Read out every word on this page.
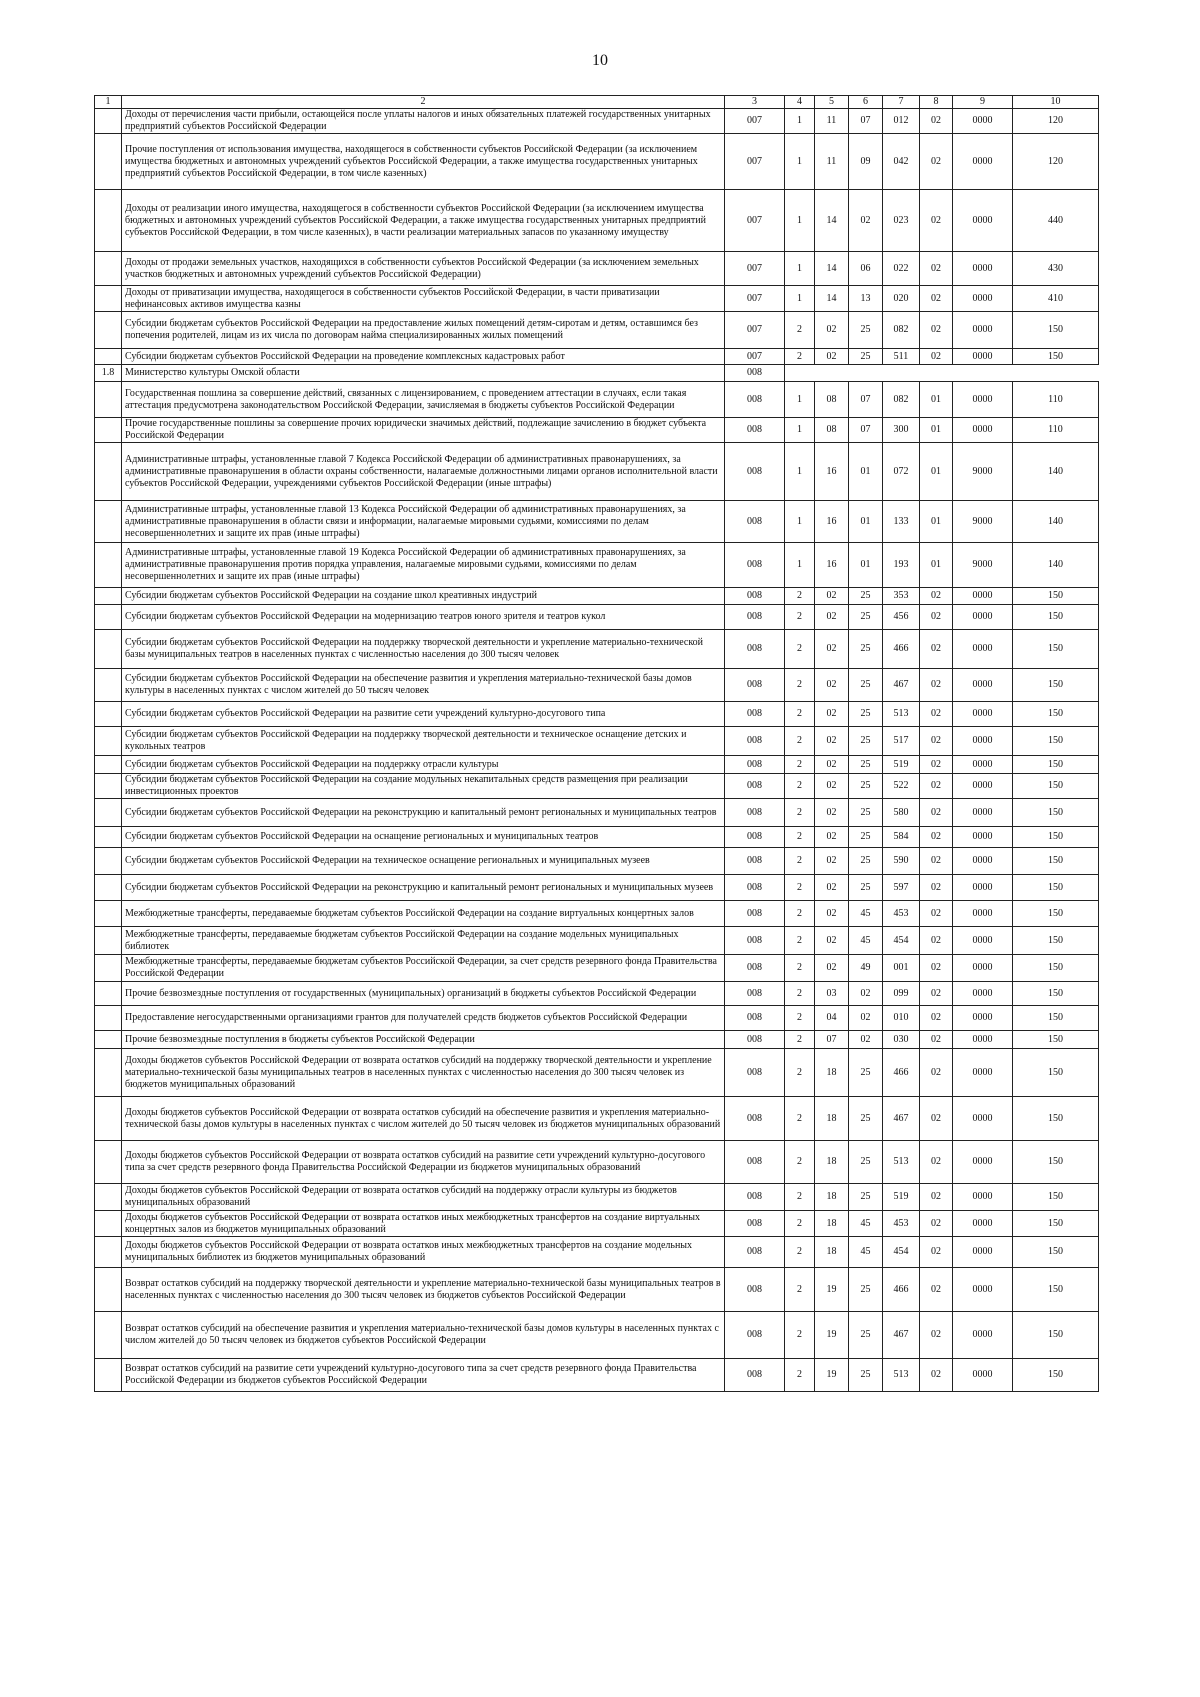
10
1	2	3	4	5	6	7	8	9	10
	Доходы от перечисления части прибыли, остающейся после уплаты налогов и иных обязательных платежей государственных унитарных предприятий субъектов Российской Федерации	007	1	11	07	012	02	0000	120
	Прочие поступления от использования имущества, находящегося в собственности субъектов Российской Федерации (за исключением имущества бюджетных и автономных учреждений субъектов Российской Федерации, а также имущества государственных унитарных предприятий субъектов Российской Федерации, в том числе казенных)	007	1	11	09	042	02	0000	120
	Доходы от реализации иного имущества, находящегося в собственности субъектов Российской Федерации (за исключением имущества бюджетных и автономных учреждений субъектов Российской Федерации, а также имущества государственных унитарных предприятий субъектов Российской Федерации, в том числе казенных), в части реализации материальных запасов по указанному имуществу	007	1	14	02	023	02	0000	440
	Доходы от продажи земельных участков, находящихся в собственности субъектов Российской Федерации (за исключением земельных участков бюджетных и автономных учреждений субъектов Российской Федерации)	007	1	14	06	022	02	0000	430
	Доходы от приватизации имущества, находящегося в собственности субъектов Российской Федерации, в части приватизации нефинансовых активов имущества казны	007	1	14	13	020	02	0000	410
	Субсидии бюджетам субъектов Российской Федерации на предоставление жилых помещений детям-сиротам и детям, оставшимся без попечения родителей, лицам из их числа по договорам найма специализированных жилых помещений	007	2	02	25	082	02	0000	150
	Субсидии бюджетам субъектов Российской Федерации на проведение комплексных кадастровых работ	007	2	02	25	511	02	0000	150
1.8	Министерство культуры Омской области	008							
	Государственная пошлина за совершение действий, связанных с лицензированием, с проведением аттестации в случаях, если такая аттестация предусмотрена законодательством Российской Федерации, зачисляемая в бюджеты субъектов Российской Федерации	008	1	08	07	082	01	0000	110
	Прочие государственные пошлины за совершение прочих юридически значимых действий, подлежащие зачислению в бюджет субъекта Российской Федерации	008	1	08	07	300	01	0000	110
	Административные штрафы, установленные главой 7 Кодекса Российской Федерации об административных правонарушениях, за административные правонарушения в области охраны собственности, налагаемые должностными лицами органов исполнительной власти субъектов Российской Федерации, учреждениями субъектов Российской Федерации (иные штрафы)	008	1	16	01	072	01	9000	140
	Административные штрафы, установленные главой 13 Кодекса Российской Федерации об административных правонарушениях, за административные правонарушения в области связи и информации, налагаемые мировыми судьями, комиссиями по делам несовершеннолетних и защите их прав (иные штрафы)	008	1	16	01	133	01	9000	140
	Административные штрафы, установленные главой 19 Кодекса Российской Федерации об административных правонарушениях, за административные правонарушения против порядка управления, налагаемые мировыми судьями, комиссиями по делам несовершеннолетних и защите их прав (иные штрафы)	008	1	16	01	193	01	9000	140
	Субсидии бюджетам субъектов Российской Федерации на создание школ креативных индустрий	008	2	02	25	353	02	0000	150
	Субсидии бюджетам субъектов Российской Федерации на модернизацию театров юного зрителя и театров кукол	008	2	02	25	456	02	0000	150
	Субсидии бюджетам субъектов Российской Федерации на поддержку творческой деятельности и укрепление материально-технической базы муниципальных театров в населенных пунктах с численностью населения до 300 тысяч человек	008	2	02	25	466	02	0000	150
	Субсидии бюджетам субъектов Российской Федерации на обеспечение развития и укрепления материально-технической базы домов культуры в населенных пунктах с числом жителей до 50 тысяч человек	008	2	02	25	467	02	0000	150
	Субсидии бюджетам субъектов Российской Федерации на развитие сети учреждений культурно-досугового типа	008	2	02	25	513	02	0000	150
	Субсидии бюджетам субъектов Российской Федерации на поддержку творческой деятельности и техническое оснащение детских и кукольных театров	008	2	02	25	517	02	0000	150
	Субсидии бюджетам субъектов Российской Федерации на поддержку отрасли культуры	008	2	02	25	519	02	0000	150
	Субсидии бюджетам субъектов Российской Федерации на создание модульных некапитальных средств размещения при реализации инвестиционных проектов	008	2	02	25	522	02	0000	150
	Субсидии бюджетам субъектов Российской Федерации на реконструкцию и капитальный ремонт региональных и муниципальных театров	008	2	02	25	580	02	0000	150
	Субсидии бюджетам субъектов Российской Федерации на оснащение региональных и муниципальных театров	008	2	02	25	584	02	0000	150
	Субсидии бюджетам субъектов Российской Федерации на техническое оснащение региональных и муниципальных музеев	008	2	02	25	590	02	0000	150
	Субсидии бюджетам субъектов Российской Федерации на реконструкцию и капитальный ремонт региональных и муниципальных музеев	008	2	02	25	597	02	0000	150
	Межбюджетные трансферты, передаваемые бюджетам субъектов Российской Федерации на создание виртуальных концертных залов	008	2	02	45	453	02	0000	150
	Межбюджетные трансферты, передаваемые бюджетам субъектов Российской Федерации на создание модельных муниципальных библиотек	008	2	02	45	454	02	0000	150
	Межбюджетные трансферты, передаваемые бюджетам субъектов Российской Федерации, за счет средств резервного фонда Правительства Российской Федерации	008	2	02	49	001	02	0000	150
	Прочие безвозмездные поступления от государственных (муниципальных) организаций в бюджеты субъектов Российской Федерации	008	2	03	02	099	02	0000	150
	Предоставление негосударственными организациями грантов для получателей средств бюджетов субъектов Российской Федерации	008	2	04	02	010	02	0000	150
	Прочие безвозмездные поступления в бюджеты субъектов Российской Федерации	008	2	07	02	030	02	0000	150
	Доходы бюджетов субъектов Российской Федерации от возврата остатков субсидий на поддержку творческой деятельности и укрепление материально-технической базы муниципальных театров в населенных пунктах с численностью населения до 300 тысяч человек из бюджетов муниципальных образований	008	2	18	25	466	02	0000	150
	Доходы бюджетов субъектов Российской Федерации от возврата остатков субсидий на обеспечение развития и укрепления материально-технической базы домов культуры в населенных пунктах с числом жителей до 50 тысяч человек из бюджетов муниципальных образований	008	2	18	25	467	02	0000	150
	Доходы бюджетов субъектов Российской Федерации от возврата остатков субсидий на развитие сети учреждений культурно-досугового типа за счет средств резервного фонда Правительства Российской Федерации из бюджетов муниципальных образований	008	2	18	25	513	02	0000	150
	Доходы бюджетов субъектов Российской Федерации от возврата остатков субсидий на поддержку отрасли культуры из бюджетов муниципальных образований	008	2	18	25	519	02	0000	150
	Доходы бюджетов субъектов Российской Федерации от возврата остатков иных межбюджетных трансфертов на создание виртуальных концертных залов из бюджетов муниципальных образований	008	2	18	45	453	02	0000	150
	Доходы бюджетов субъектов Российской Федерации от возврата остатков иных межбюджетных трансфертов на создание модельных муниципальных библиотек из бюджетов муниципальных образований	008	2	18	45	454	02	0000	150
	Возврат остатков субсидий на поддержку творческой деятельности и укрепление материально-технической базы муниципальных театров в населенных пунктах с численностью населения до 300 тысяч человек из бюджетов субъектов Российской Федерации	008	2	19	25	466	02	0000	150
	Возврат остатков субсидий на обеспечение развития и укрепления материально-технической базы домов культуры в населенных пунктах с числом жителей до 50 тысяч человек из бюджетов субъектов Российской Федерации	008	2	19	25	467	02	0000	150
	Возврат остатков субсидий на развитие сети учреждений культурно-досугового типа за счет средств резервного фонда Правительства Российской Федерации из бюджетов субъектов Российской Федерации	008	2	19	25	513	02	0000	150
